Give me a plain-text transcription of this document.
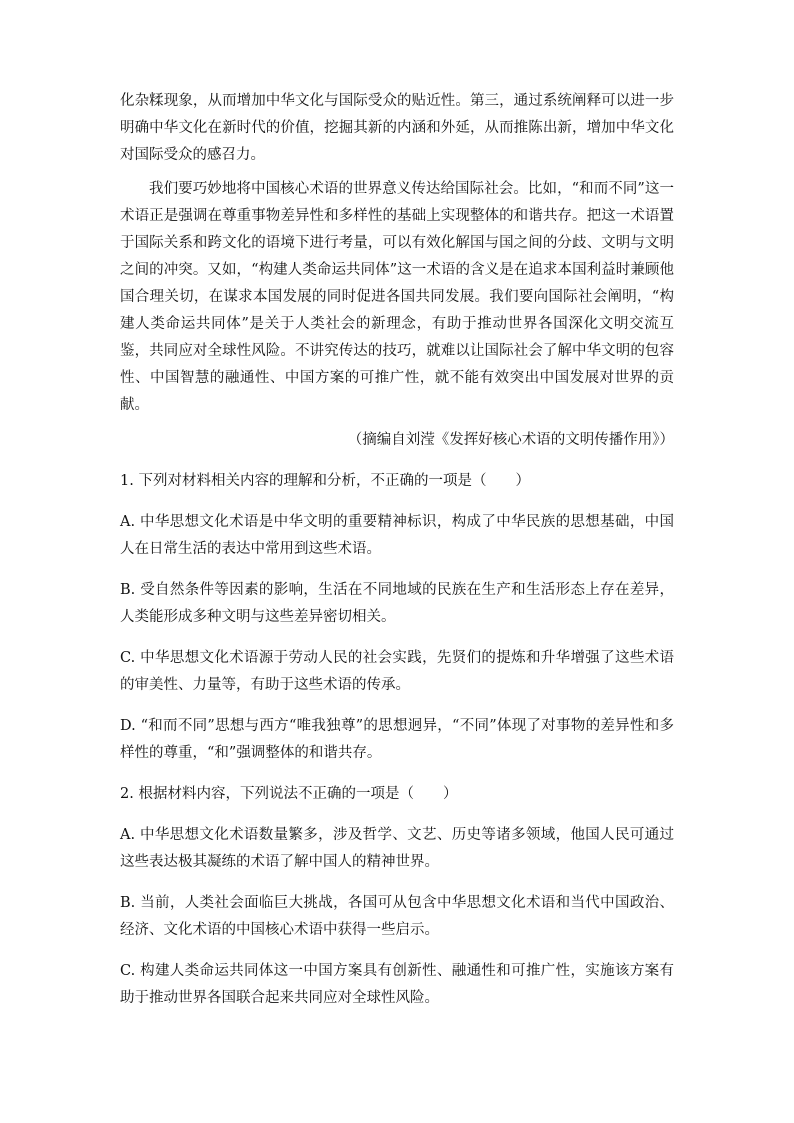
化杂糅现象，从而增加中华文化与国际受众的贴近性。第三，通过系统阐释可以进一步明确中华文化在新时代的价值，挖掘其新的内涵和外延，从而推陈出新，增加中华文化对国际受众的感召力。

我们要巧妙地将中国核心术语的世界意义传达给国际社会。比如，“和而不同”这一术语正是强调在尊重事物差异性和多样性的基础上实现整体的和谐共存。把这一术语置于国际关系和跨文化的语境下进行考量，可以有效化解国与国之间的分歧、文明与文明之间的冲突。又如，“构建人类命运共同体”这一术语的含义是在追求本国利益时兼顾他国合理关切，在谋求本国发展的同时促进各国共同发展。我们要向国际社会阐明，“构建人类命运共同体”是关于人类社会的新理念，有助于推动世界各国深化文明交流互鉴，共同应对全球性风险。不讲究传达的技巧，就难以让国际社会了解中华文明的包容性、中国智慧的融通性、中国方案的可推广性，就不能有效突出中国发展对世界的贡献。

（摘编自刘滢《发挥好核心术语的文明传播作用》）

1. 下列对材料相关内容的理解和分析，不正确的一项是（　　）

A. 中华思想文化术语是中华文明的重要精神标识，构成了中华民族的思想基础，中国人在日常生活的表达中常用到这些术语。

B. 受自然条件等因素的影响，生活在不同地域的民族在生产和生活形态上存在差异，人类能形成多种文明与这些差异密切相关。

C. 中华思想文化术语源于劳动人民的社会实践，先贤们的提炼和升华增强了这些术语的审美性、力量等，有助于这些术语的传承。

D. “和而不同”思想与西方“唯我独尊”的思想迥异，“不同”体现了对事物的差异性和多样性的尊重，“和”强调整体的和谐共存。

2. 根据材料内容，下列说法不正确的一项是（　　）

A. 中华思想文化术语数量繁多，涉及哲学、文艺、历史等诸多领域，他国人民可通过这些表达极其凝练的术语了解中国人的精神世界。

B. 当前，人类社会面临巨大挑战，各国可从包含中华思想文化术语和当代中国政治、经济、文化术语的中国核心术语中获得一些启示。

C. 构建人类命运共同体这一中国方案具有创新性、融通性和可推广性，实施该方案有助于推动世界各国联合起来共同应对全球性风险。
